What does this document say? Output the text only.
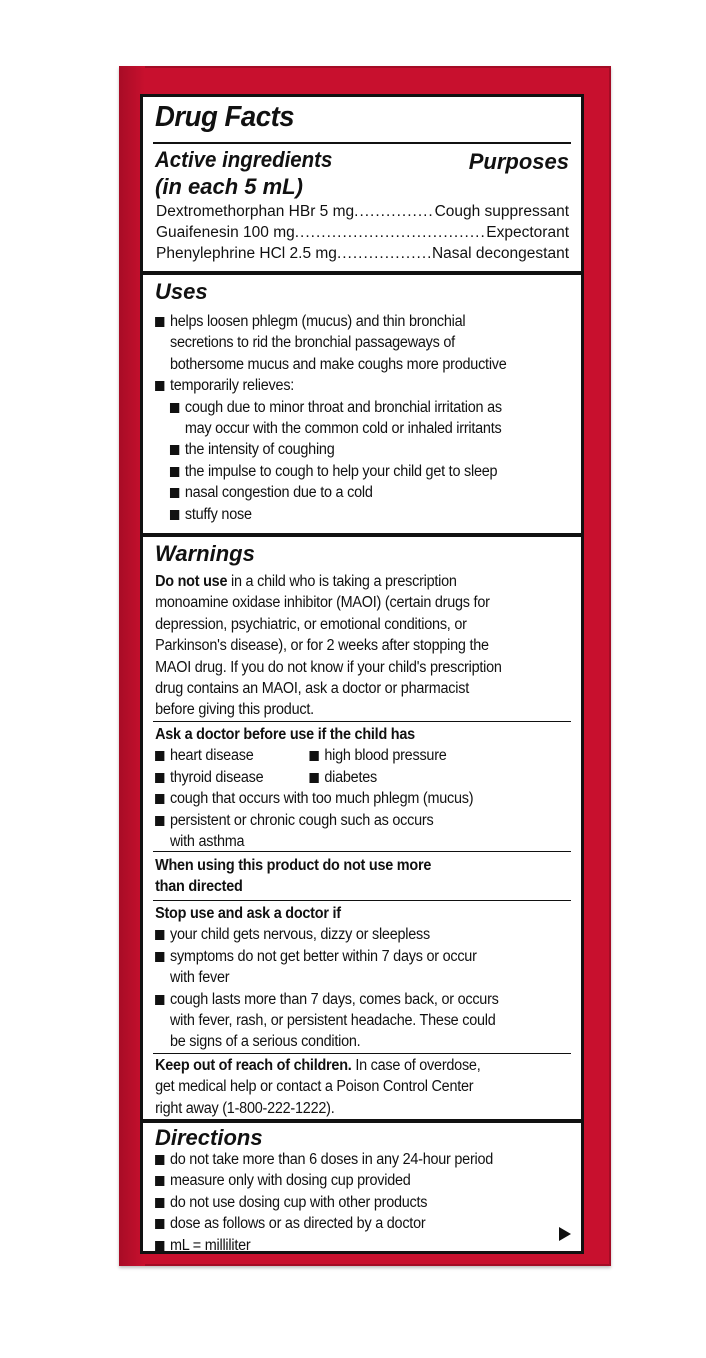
Drug Facts
Active ingredients	Purposes
(in each 5 mL)
Dextromethorphan HBr 5 mg .....	Cough suppressant
Guaifenesin 100 mg .....	Expectorant
Phenylephrine HCl 2.5 mg .....	Nasal decongestant
Uses
helps loosen phlegm (mucus) and thin bronchial
secretions to rid the bronchial passageways of
bothersome mucus and make coughs more productive
temporarily relieves:
cough due to minor throat and bronchial irritation as
may occur with the common cold or inhaled irritants
the intensity of coughing
the impulse to cough to help your child get to sleep
nasal congestion due to a cold
stuffy nose
Warnings
Do not use in a child who is taking a prescription
monoamine oxidase inhibitor (MAOI) (certain drugs for
depression, psychiatric, or emotional conditions, or
Parkinson's disease), or for 2 weeks after stopping the
MAOI drug. If you do not know if your child's prescription
drug contains an MAOI, ask a doctor or pharmacist
before giving this product.
Ask a doctor before use if the child has
heart disease	high blood pressure
thyroid disease	diabetes
cough that occurs with too much phlegm (mucus)
persistent or chronic cough such as occurs
with asthma
When using this product do not use more
than directed
Stop use and ask a doctor if
your child gets nervous, dizzy or sleepless
symptoms do not get better within 7 days or occur
with fever
cough lasts more than 7 days, comes back, or occurs
with fever, rash, or persistent headache. These could
be signs of a serious condition.
Keep out of reach of children. In case of overdose,
get medical help or contact a Poison Control Center
right away (1-800-222-1222).
Directions
do not take more than 6 doses in any 24-hour period
measure only with dosing cup provided
do not use dosing cup with other products
dose as follows or as directed by a doctor
mL = milliliter
